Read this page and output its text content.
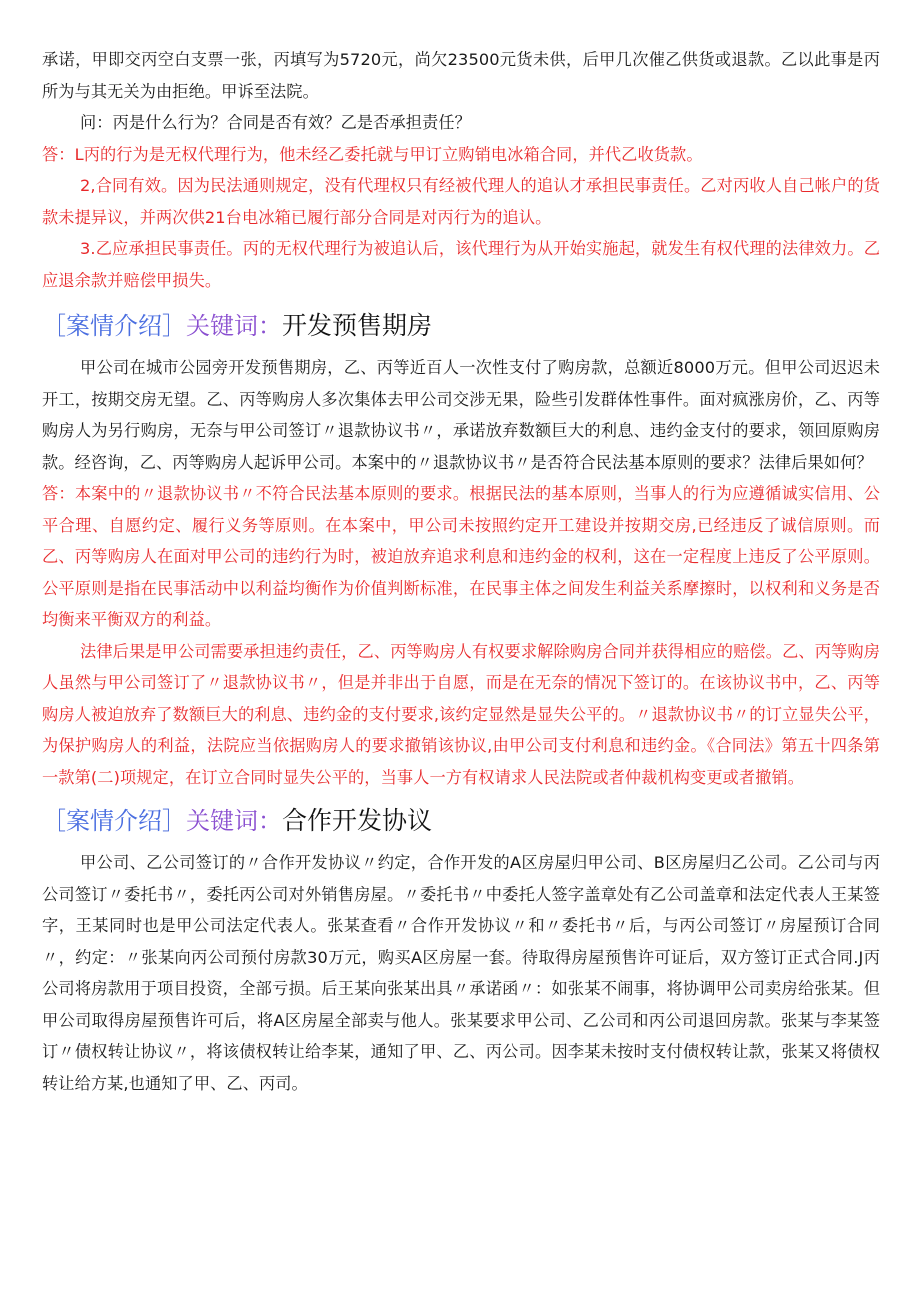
承诺，甲即交丙空白支票一张，丙填写为5720元，尚欠23500元货未供，后甲几次催乙供货或退款。乙以此事是丙所为与其无关为由拒绝。甲诉至法院。

问：丙是什么行为？合同是否有效？乙是否承担责任？

答：L丙的行为是无权代理行为，他未经乙委托就与甲订立购销电冰箱合同，并代乙收货款。

2,合同有效。因为民法通则规定，没有代理权只有经被代理人的追认才承担民事责任。乙对丙收人自己帐户的货款未提异议，并两次供21台电冰箱已履行部分合同是对丙行为的追认。

3.乙应承担民事责任。丙的无权代理行为被追认后，该代理行为从开始实施起，就发生有权代理的法律效力。乙应退余款并赔偿甲损失。

［案情介绍］关键词：开发预售期房

甲公司在城市公园旁开发预售期房，乙、丙等近百人一次性支付了购房款，总额近8000万元。但甲公司迟迟未开工，按期交房无望。乙、丙等购房人多次集体去甲公司交涉无果，险些引发群体性事件。面对疯涨房价，乙、丙等购房人为另行购房，无奈与甲公司签订〃退款协议书〃，承诺放弃数额巨大的利息、违约金支付的要求，领回原购房款。经咨询，乙、丙等购房人起诉甲公司。本案中的〃退款协议书〃是否符合民法基本原则的要求？法律后果如何？

答：本案中的〃退款协议书〃不符合民法基本原则的要求。根据民法的基本原则，当事人的行为应遵循诚实信用、公平合理、自愿约定、履行义务等原则。在本案中，甲公司未按照约定开工建设并按期交房,已经违反了诚信原则。而乙、丙等购房人在面对甲公司的违约行为时，被迫放弃追求利息和违约金的权利，这在一定程度上违反了公平原则。公平原则是指在民事活动中以利益均衡作为价值判断标准，在民事主体之间发生利益关系摩擦时，以权利和义务是否均衡来平衡双方的利益。

法律后果是甲公司需要承担违约责任，乙、丙等购房人有权要求解除购房合同并获得相应的赔偿。乙、丙等购房人虽然与甲公司签订了〃退款协议书〃，但是并非出于自愿，而是在无奈的情况下签订的。在该协议书中，乙、丙等购房人被迫放弃了数额巨大的利息、违约金的支付要求,该约定显然是显失公平的。〃退款协议书〃的订立显失公平，为保护购房人的利益，法院应当依据购房人的要求撤销该协议,由甲公司支付利息和违约金。《合同法》第五十四条第一款第(二)项规定，在订立合同时显失公平的，当事人一方有权请求人民法院或者仲裁机构变更或者撤销。

［案情介绍］关键词：合作开发协议

甲公司、乙公司签订的〃合作开发协议〃约定，合作开发的A区房屋归甲公司、B区房屋归乙公司。乙公司与丙公司签订〃委托书〃，委托丙公司对外销售房屋。〃委托书〃中委托人签字盖章处有乙公司盖章和法定代表人王某签字，王某同时也是甲公司法定代表人。张某查看〃合作开发协议〃和〃委托书〃后，与丙公司签订〃房屋预订合同〃，约定：〃张某向丙公司预付房款30万元，购买A区房屋一套。待取得房屋预售许可证后，双方签订正式合同.J丙公司将房款用于项目投资，全部亏损。后王某向张某出具〃承诺函〃：如张某不闹事，将协调甲公司卖房给张某。但甲公司取得房屋预售许可后，将A区房屋全部卖与他人。张某要求甲公司、乙公司和丙公司退回房款。张某与李某签订〃债权转让协议〃，将该债权转让给李某，通知了甲、乙、丙公司。因李某未按时支付债权转让款，张某又将债权转让给方某,也通知了甲、乙、丙司。
